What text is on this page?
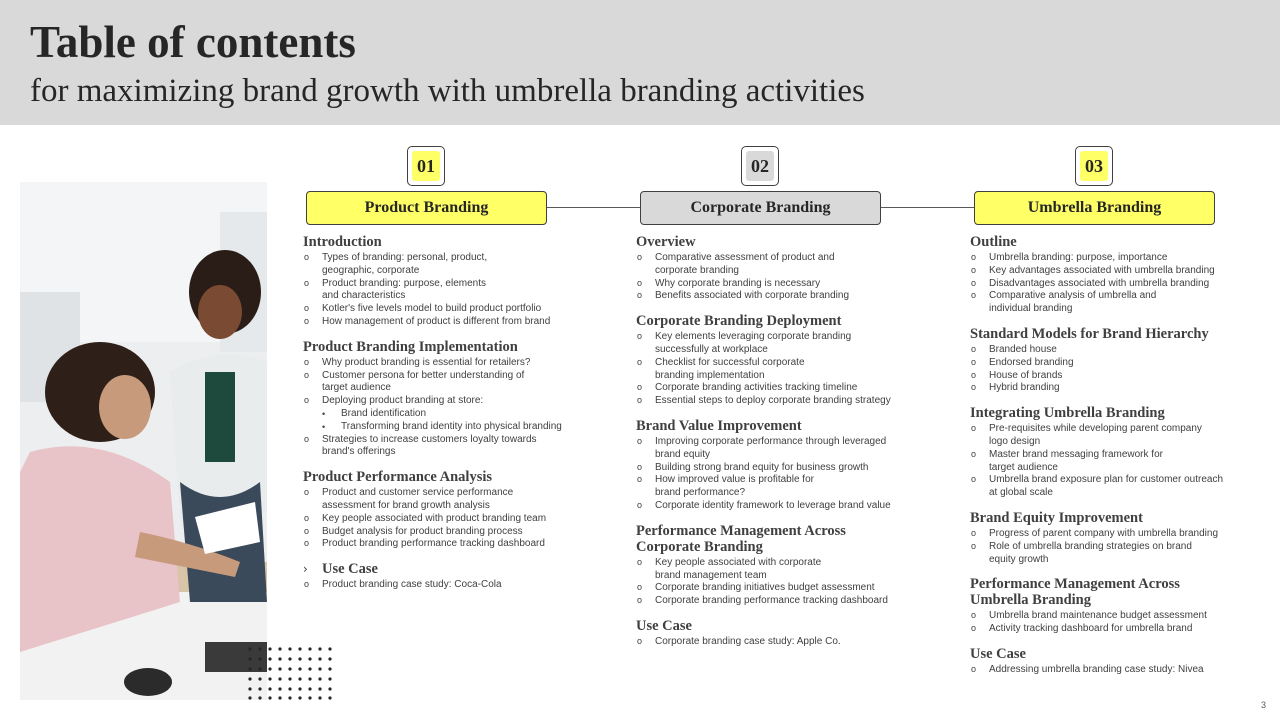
Table of contents
for maximizing brand growth with umbrella branding activities
01	02	03
Product Branding	Corporate Branding	Umbrella Branding
Introduction
o Types of branding: personal, product,
geographic, corporate
o Product branding: purpose, elements
and characteristics
o Kotler's five levels model to build product portfolio
o How management of product is different from brand
Product Branding Implementation
o Why product branding is essential for retailers?
o Customer persona for better understanding of
target audience
o Deploying product branding at store:
• Brand identification
• Transforming brand identity into physical branding
o Strategies to increase customers loyalty towards
brand's offerings
Product Performance Analysis
o Product and customer service performance
assessment for brand growth analysis
o Key people associated with product branding team
o Budget analysis for product branding process
o Product branding performance tracking dashboard
› Use Case
o Product branding case study: Coca-Cola
Overview
o Comparative assessment of product and
corporate branding
o Why corporate branding is necessary
o Benefits associated with corporate branding
Corporate Branding Deployment
o Key elements leveraging corporate branding
successfully at workplace
o Checklist for successful corporate
branding implementation
o Corporate branding activities tracking timeline
o Essential steps to deploy corporate branding strategy
Brand Value Improvement
o Improving corporate performance through leveraged
brand equity
o Building strong brand equity for business growth
o How improved value is profitable for
brand performance?
o Corporate identity framework to leverage brand value
Performance Management Across
Corporate Branding
o Key people associated with corporate
brand management team
o Corporate branding initiatives budget assessment
o Corporate branding performance tracking dashboard
Use Case
o Corporate branding case study: Apple Co.
Outline
o Umbrella branding: purpose, importance
o Key advantages associated with umbrella branding
o Disadvantages associated with umbrella branding
o Comparative analysis of umbrella and
individual branding
Standard Models for Brand Hierarchy
o Branded house
o Endorsed branding
o House of brands
o Hybrid branding
Integrating Umbrella Branding
o Pre-requisites while developing parent company
logo design
o Master brand messaging framework for
target audience
o Umbrella brand exposure plan for customer outreach
at global scale
Brand Equity Improvement
o Progress of parent company with umbrella branding
o Role of umbrella branding strategies on brand
equity growth
Performance Management Across
Umbrella Branding
o Umbrella brand maintenance budget assessment
o Activity tracking dashboard for umbrella brand
Use Case
o Addressing umbrella branding case study: Nivea
3
